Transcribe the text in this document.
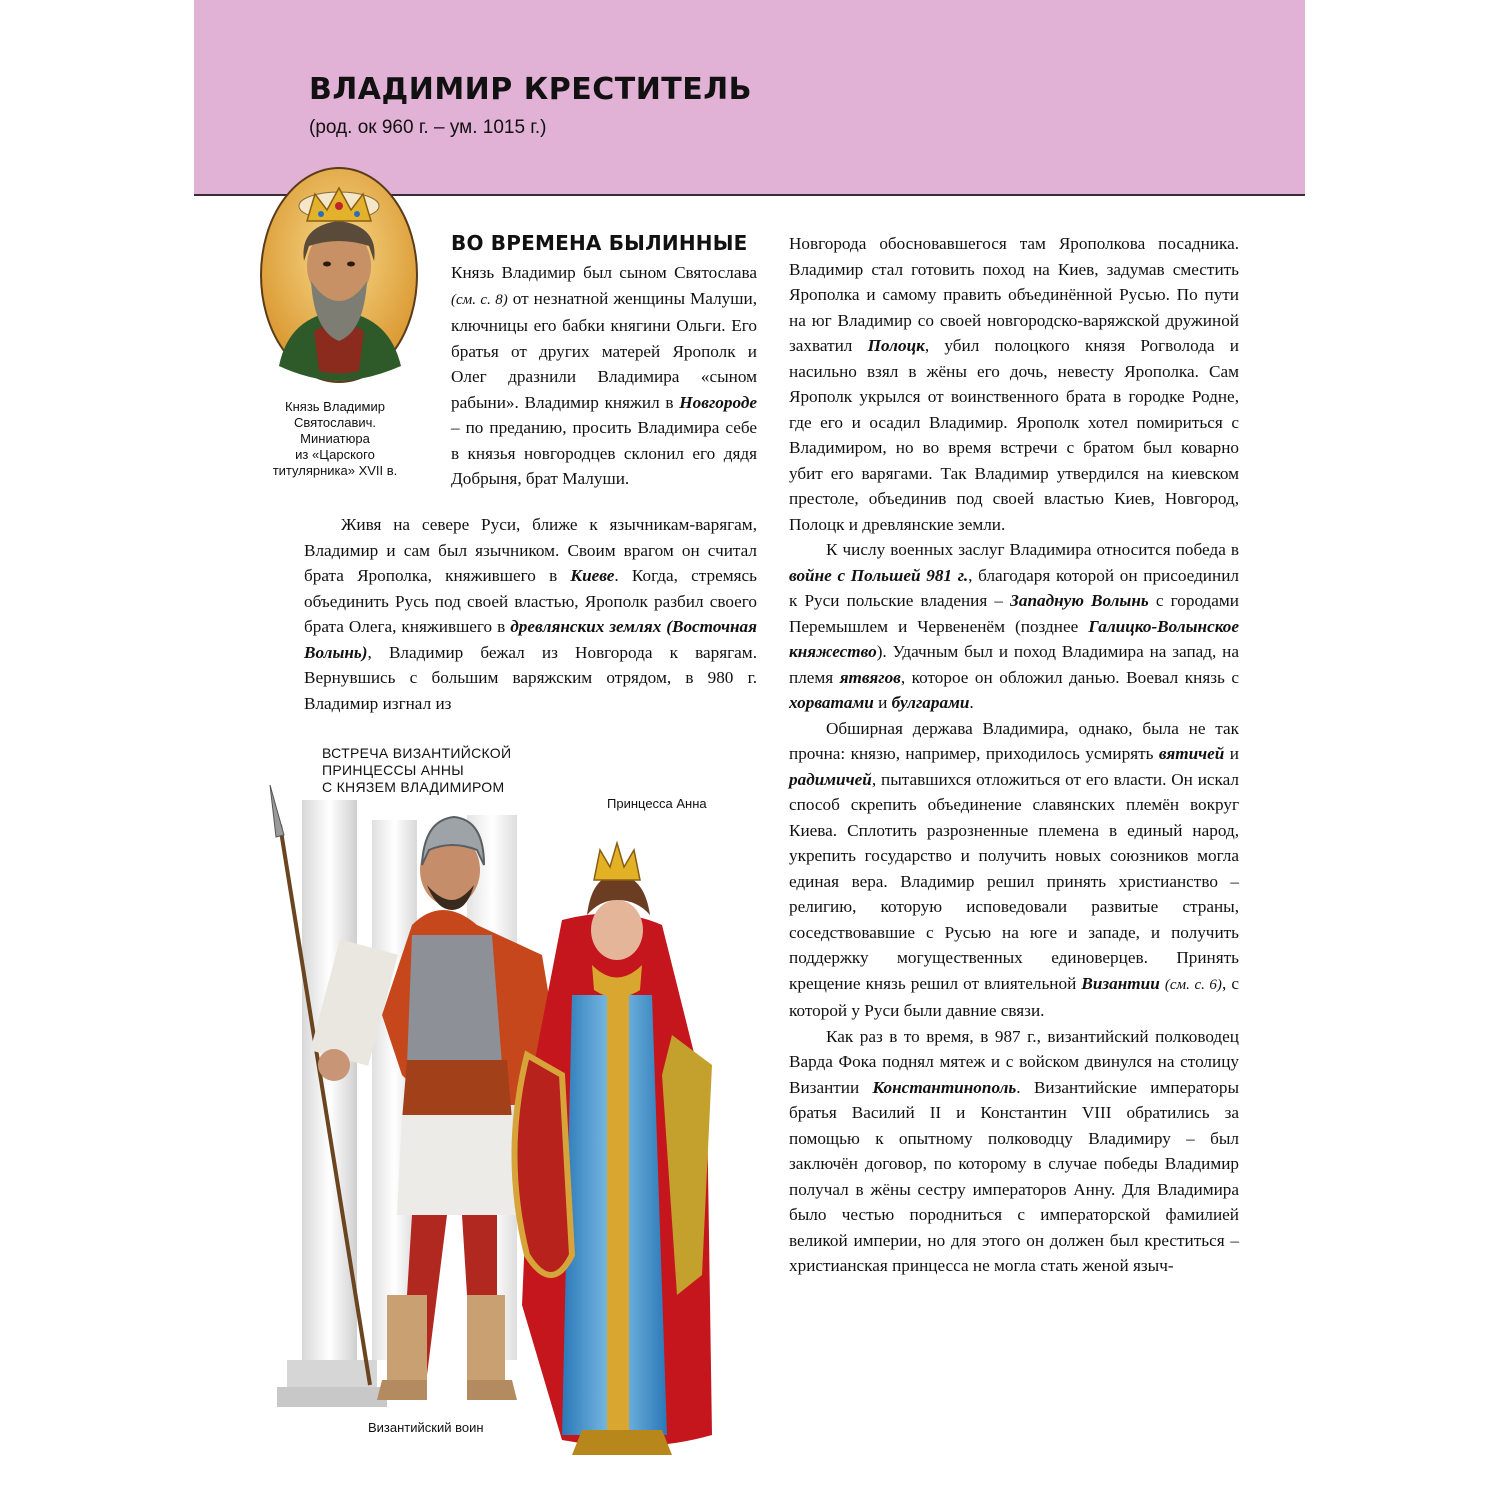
ВЛАДИМИР КРЕСТИТЕЛЬ
(род. ок 960 г. – ум. 1015 г.)
Князь Владимир
Святославич.
Миниатюра
из «Царского
титулярника» XVII в.
ВО ВРЕМЕНА БЫЛИННЫЕ

Князь Владимир был сыном Святослава (см. с. 8) от незнатной женщины Малуши, ключницы его бабки княгини Ольги. Его братья от других матерей Ярополк и Олег дразнили Владимира «сыном рабыни». Владимир княжил в Новгороде – по преданию, просить Владимира себе в князья новгородцев склонил его дядя Добрыня, брат Малуши.

Живя на севере Руси, ближе к язычникам-варягам, Владимир и сам был язычником. Своим врагом он считал брата Ярополка, княжившего в Киеве. Когда, стремясь объединить Русь под своей властью, Ярополк разбил своего брата Олега, княжившего в древлянских землях (Восточная Волынь), Владимир бежал из Новгорода к варягам. Вернувшись с большим варяжским отрядом, в 980 г. Владимир изгнал из

Новгорода обосновавшегося там Ярополкова посадника. Владимир стал готовить поход на Киев, задумав сместить Ярополка и самому править объединённой Русью. По пути на юг Владимир со своей новгородско-варяжской дружиной захватил Полоцк, убил полоцкого князя Рогволода и насильно взял в жёны его дочь, невесту Ярополка. Сам Ярополк укрылся от воинственного брата в городке Родне, где его и осадил Владимир. Ярополк хотел помириться с Владимиром, но во время встречи с братом был коварно убит его варягами. Так Владимир утвердился на киевском престоле, объединив под своей властью Киев, Новгород, Полоцк и древлянские земли.

К числу военных заслуг Владимира относится победа в войне с Польшей 981 г., благодаря которой он присоединил к Руси польские владения – Западную Волынь с городами Перемышлем и Червененём (позднее Галицко-Волынское княжество). Удачным был и поход Владимира на запад, на племя ятвягов, которое он обложил данью. Воевал князь с хорватами и булгарами.

Обширная держава Владимира, однако, была не так прочна: князю, например, приходилось усмирять вятичей и радимичей, пытавшихся отложиться от его власти. Он искал способ скрепить объединение славянских племён вокруг Киева. Сплотить разрозненные племена в единый народ, укрепить государство и получить новых союзников могла единая вера. Владимир решил принять христианство – религию, которую исповедовали развитые страны, соседствовавшие с Русью на юге и западе, и получить поддержку могущественных единоверцев. Принять крещение князь решил от влиятельной Византии (см. с. 6), с которой у Руси были давние связи.

Как раз в то время, в 987 г., византийский полководец Варда Фока поднял мятеж и с войском двинулся на столицу Византии Константинополь. Византийские императоры братья Василий II и Константин VIII обратились за помощью к опытному полководцу Владимиру – был заключён договор, по которому в случае победы Владимир получал в жёны сестру императоров Анну. Для Владимира было честью породниться с императорской фамилией великой империи, но для этого он должен был креститься – христианская принцесса не могла стать женой языч-

ВСТРЕЧА ВИЗАНТИЙСКОЙ
ПРИНЦЕССЫ АННЫ
С КНЯЗЕМ ВЛАДИМИРОМ
Принцесса Анна
Византийский воин
